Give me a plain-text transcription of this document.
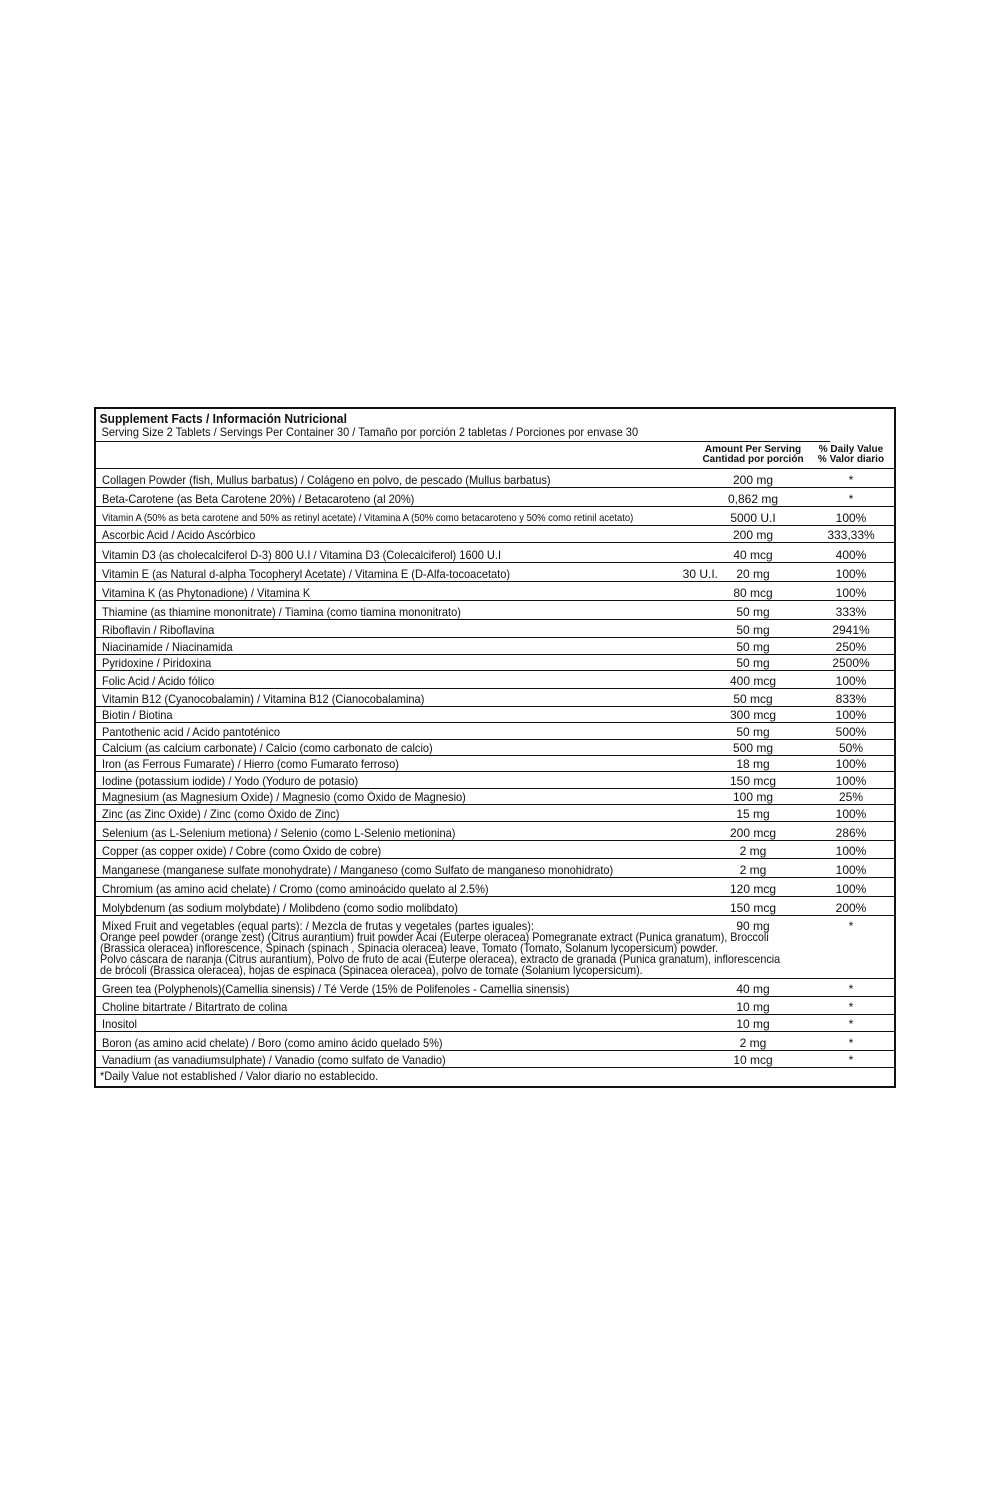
Supplement Facts / Información Nutricional
Serving Size 2 Tablets / Servings Per Container 30 / Tamaño por porción 2 tabletas / Porciones por envase 30
Amount Per Serving
Cantidad por porción
% Daily Value
% Valor diario
Collagen Powder (fish, Mullus barbatus) / Colágeno en polvo, de pescado (Mullus barbatus)	200 mg	*
Beta-Carotene (as Beta Carotene 20%) / Betacaroteno (al 20%)	0,862 mg	*
Vitamin A (50% as beta carotene and 50% as retinyl acetate) / Vitamina A (50% como betacaroteno y 50% como retinil acetato)	5000 U.I	100%
Ascorbic Acid / Acido Ascórbico	200 mg	333,33%
Vitamin D3 (as cholecalciferol D-3) 800 U.I / Vitamina D3 (Colecalciferol) 1600 U.I	40 mcg	400%
Vitamin E (as Natural d-alpha Tocopheryl Acetate) / Vitamina E (D-Alfa-tocoacetato)	30 U.I.	20 mg	100%
Vitamina K (as Phytonadione) / Vitamina K	80 mcg	100%
Thiamine (as thiamine mononitrate) / Tiamina (como tiamina mononitrato)	50 mg	333%
Riboflavin / Riboflavina	50 mg	2941%
Niacinamide / Niacinamida	50 mg	250%
Pyridoxine / Piridoxina	50 mg	2500%
Folic Acid / Acido fólico	400 mcg	100%
Vitamin B12 (Cyanocobalamin) / Vitamina B12 (Cianocobalamina)	50 mcg	833%
Biotin / Biotina	300 mcg	100%
Pantothenic acid / Acido pantoténico	50 mg	500%
Calcium (as calcium carbonate) / Calcio (como carbonato de calcio)	500 mg	50%
Iron (as Ferrous Fumarate) / Hierro (como Fumarato ferroso)	18 mg	100%
Iodine (potassium iodide) / Yodo (Yoduro de potasio)	150 mcg	100%
Magnesium (as Magnesium Oxide) / Magnesio (como Óxido de Magnesio)	100 mg	25%
Zinc (as Zinc Oxide) / Zinc (como Óxido de Zinc)	15 mg	100%
Selenium (as L-Selenium metiona) / Selenio (como L-Selenio metionina)	200 mcg	286%
Copper (as copper oxide) / Cobre (como Óxido de cobre)	2 mg	100%
Manganese (manganese sulfate monohydrate) / Manganeso (como Sulfato de manganeso monohidrato)	2 mg	100%
Chromium (as amino acid chelate) / Cromo (como aminoácido quelato al 2.5%)	120 mcg	100%
Molybdenum (as sodium molybdate) / Molibdeno (como sodio molibdato)	150 mcg	200%
Mixed Fruit and vegetables (equal parts): / Mezcla de frutas y vegetales (partes iguales):	90 mg	*
Orange peel powder (orange zest) (Citrus aurantium) fruit powder Acai (Euterpe oleracea) Pomegranate extract (Punica granatum), Broccoli
(Brassica oleracea) inflorescence, Spinach (spinach , Spinacia oleracea) leave, Tomato (Tomato, Solanum lycopersicum) powder.
Polvo cáscara de naranja (Citrus aurantium), Polvo de fruto de acai (Euterpe oleracea), extracto de granada (Punica granatum), inflorescencia
de brócoli (Brassica oleracea), hojas de espinaca (Spinacea oleracea), polvo de tomate (Solanium lycopersicum).
Green tea (Polyphenols)(Camellia sinensis) / Té Verde (15% de Polifenoles - Camellia sinensis)	40 mg	*
Choline bitartrate / Bitartrato de colina	10 mg	*
Inositol	10 mg	*
Boron (as amino acid chelate) / Boro (como amino ácido quelado 5%)	2 mg	*
Vanadium (as vanadiumsulphate) / Vanadio (como sulfato de Vanadio)	10 mcg	*
*Daily Value not established / Valor diario no establecido.
